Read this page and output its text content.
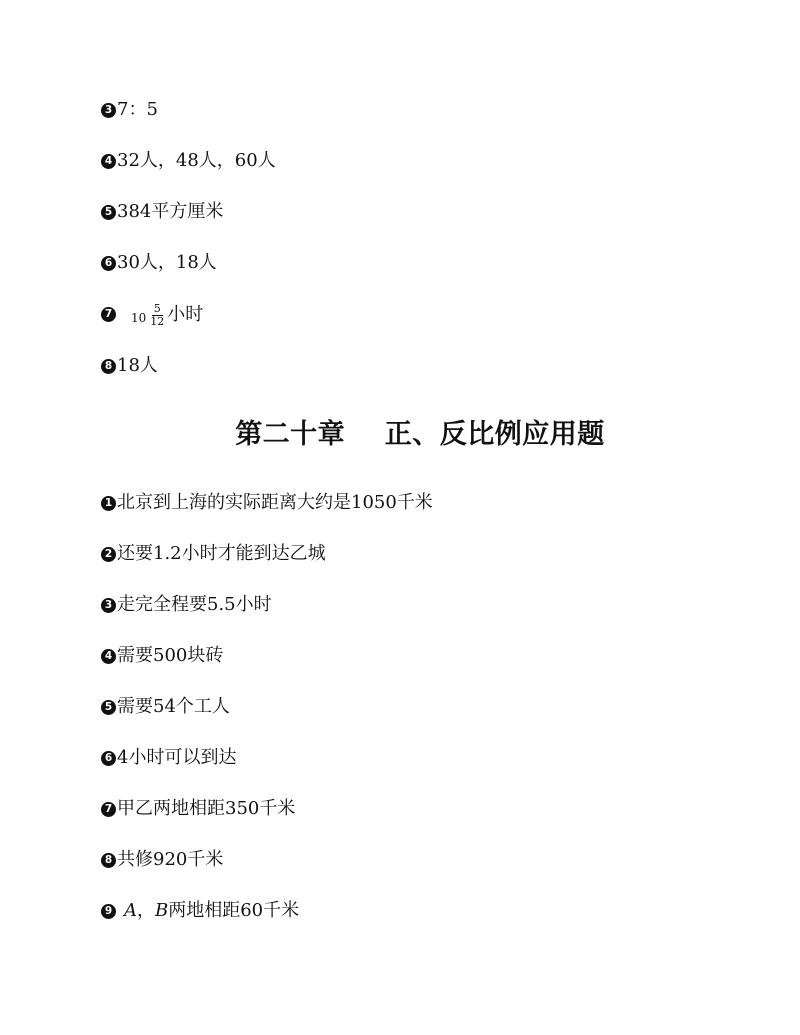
3 7：5
4 32人，48人，60人
5 384平方厘米
6 30人，18人
7	$10 \frac{5}{12}$ 小时
8 18人
第二十章    正、反比例应用题
1 北京到上海的实际距离大约是1050千米
2 还要1.2小时才能到达乙城
3 走完全程要5.5小时
4 需要500块砖
5 需要54个工人
6 4小时可以到达
7 甲乙两地相距350千米
8 共修920千米
9 A ， B 两地相距60千米
